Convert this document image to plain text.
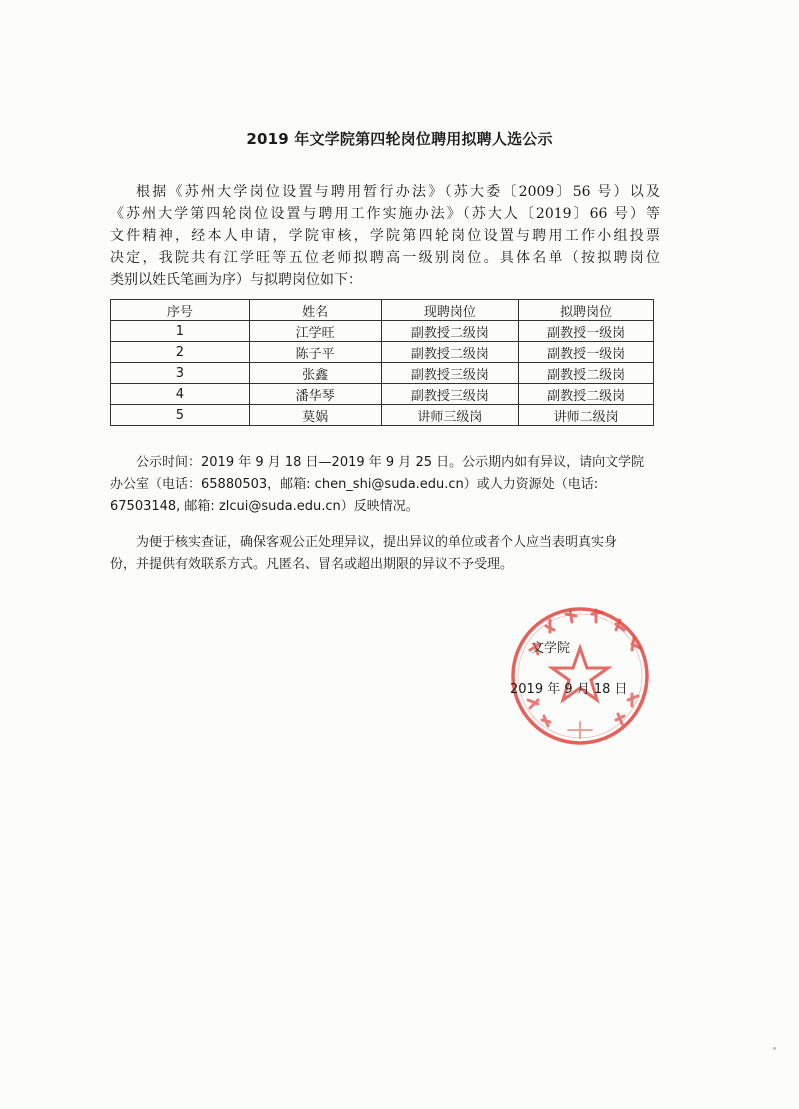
2019 年文学院第四轮岗位聘用拟聘人选公示
根据《苏州大学岗位设置与聘用暂行办法》（苏大委〔2009〕56 号）以及
《苏州大学第四轮岗位设置与聘用工作实施办法》（苏大人〔2019〕66 号）等
文件精神，经本人申请，学院审核，学院第四轮岗位设置与聘用工作小组投票
决定，我院共有江学旺等五位老师拟聘高一级别岗位。具体名单（按拟聘岗位
类别以姓氏笔画为序）与拟聘岗位如下：
序号	姓名	现聘岗位	拟聘岗位
1	江学旺	副教授二级岗	副教授一级岗
2	陈子平	副教授二级岗	副教授一级岗
3	张鑫	副教授三级岗	副教授二级岗
4	潘华琴	副教授三级岗	副教授二级岗
5	莫娲	讲师三级岗	讲师二级岗
公示时间：2019 年 9 月 18 日—2019 年 9 月 25 日。公示期内如有异议，请向文学院
办公室（电话：65880503，邮箱: chen_shi@suda.edu.cn）或人力资源处（电话:
67503148, 邮箱: zlcui@suda.edu.cn）反映情况。
为便于核实查证，确保客观公正处理异议，提出异议的单位或者个人应当表明真实身
份，并提供有效联系方式。凡匿名、冒名或超出期限的异议不予受理。
文学院
2019 年 9 月 18 日
